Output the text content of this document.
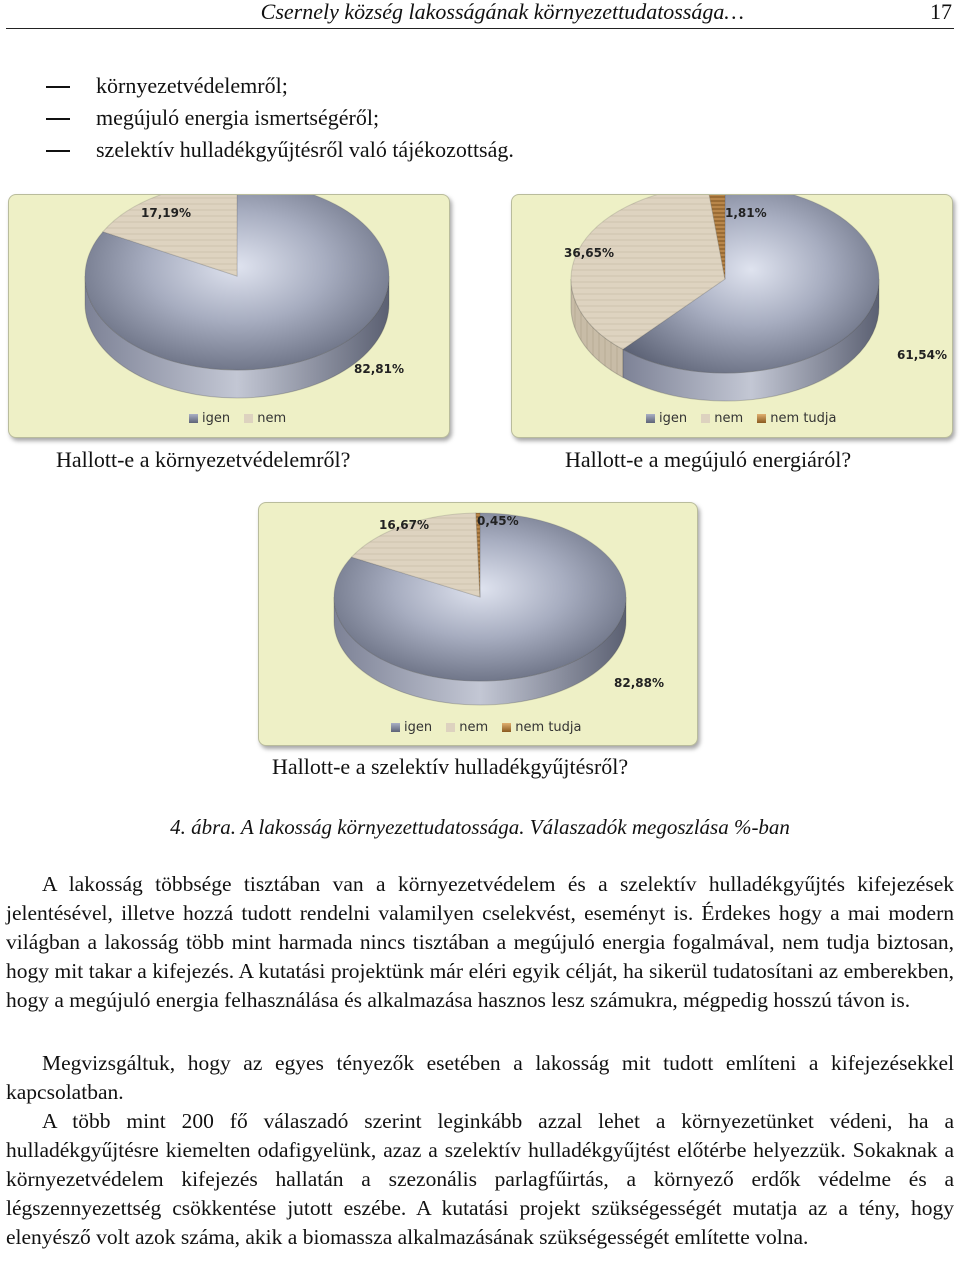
Csernely község lakosságának környezettudatossága…	17
környezetvédelemről;
megújuló energia ismertségéről;
szelektív hulladékgyűjtésről való tájékozottság.
82,81%
17,19%
igen nem
61,54%
36,65%
1,81%
igen nem nem tudja
Hallott-e a környezetvédelemről?	Hallott-e a megújuló energiáról?
82,88%
16,67%	0,45%
igen nem nem tudja
Hallott-e a szelektív hulladékgyűjtésről?
4. ábra. A lakosság környezettudatossága. Válaszadók megoszlása %-ban

A lakosság többsége tisztában van a környezetvédelem és a szelektív hulladékgyűjtés kifejezések jelentésével, illetve hozzá tudott rendelni valamilyen cselekvést, eseményt is. Érdekes hogy a mai modern világban a lakosság több mint harmada nincs tisztában a megújuló energia fogalmával, nem tudja biztosan, hogy mit takar a kifejezés. A kutatási projektünk már eléri egyik célját, ha sikerül tudatosítani az emberekben, hogy a megújuló energia felhasználása és alkalmazása hasznos lesz számukra, mégpedig hosszú távon is.

Megvizsgáltuk, hogy az egyes tényezők esetében a lakosság mit tudott említeni a kifejezésekkel kapcsolatban.

A több mint 200 fő válaszadó szerint leginkább azzal lehet a környezetünket védeni, ha a hulladékgyűjtésre kiemelten odafigyelünk, azaz a szelektív hulladékgyűjtést előtérbe helyezzük. Sokaknak a környezetvédelem kifejezés hallatán a szezonális parlagfűirtás, a környező erdők védelme és a légszennyezettség csökkentése jutott eszébe. A kutatási projekt szükségességét mutatja az a tény, hogy elenyésző volt azok száma, akik a biomassza alkalmazásának szükségességét említette volna.
